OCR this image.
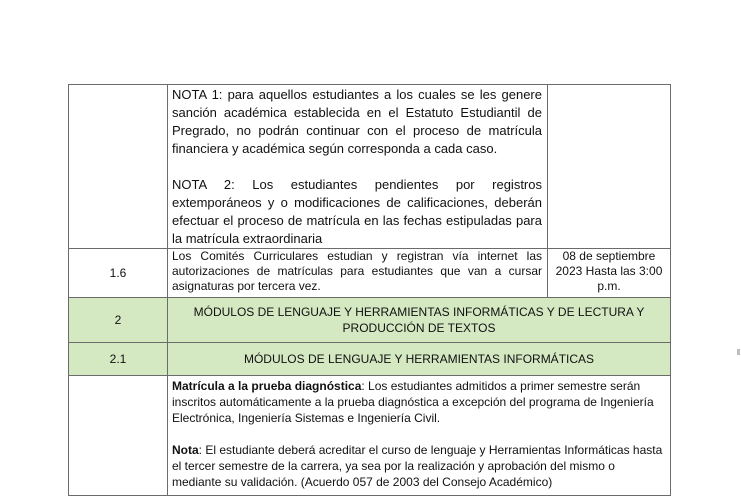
	NOTA 1: para aquellos estudiantes a los cuales se les genere sanción académica establecida en el Estatuto Estudiantil de Pregrado, no podrán continuar con el proceso de matrícula financiera y académica según corresponda a cada caso.

NOTA 2: Los estudiantes pendientes por registros extemporáneos y o modificaciones de calificaciones, deberán efectuar el proceso de matrícula en las fechas estipuladas para la matrícula extraordinaria	

1.6	Los Comités Curriculares estudian y registran vía internet las autorizaciones de matrículas para estudiantes que van a cursar asignaturas por tercera vez.	08 de septiembre 2023 Hasta las 3:00 p.m.
2	MÓDULOS DE LENGUAJE Y HERRAMIENTAS INFORMÁTICAS Y DE LECTURA Y PRODUCCIÓN DE TEXTOS	
2.1	MÓDULOS DE LENGUAJE Y HERRAMIENTAS INFORMÁTICAS	

	Matrícula a la prueba diagnóstica: Los estudiantes admitidos a primer semestre serán inscritos automáticamente a la prueba diagnóstica a excepción del programa de Ingeniería Electrónica, Ingeniería Sistemas e Ingeniería Civil.

Nota: El estudiante deberá acreditar el curso de lenguaje y Herramientas Informáticas hasta el tercer semestre de la carrera, ya sea por la realización y aprobación del mismo o mediante su validación. (Acuerdo 057 de 2003 del Consejo Académico)	
